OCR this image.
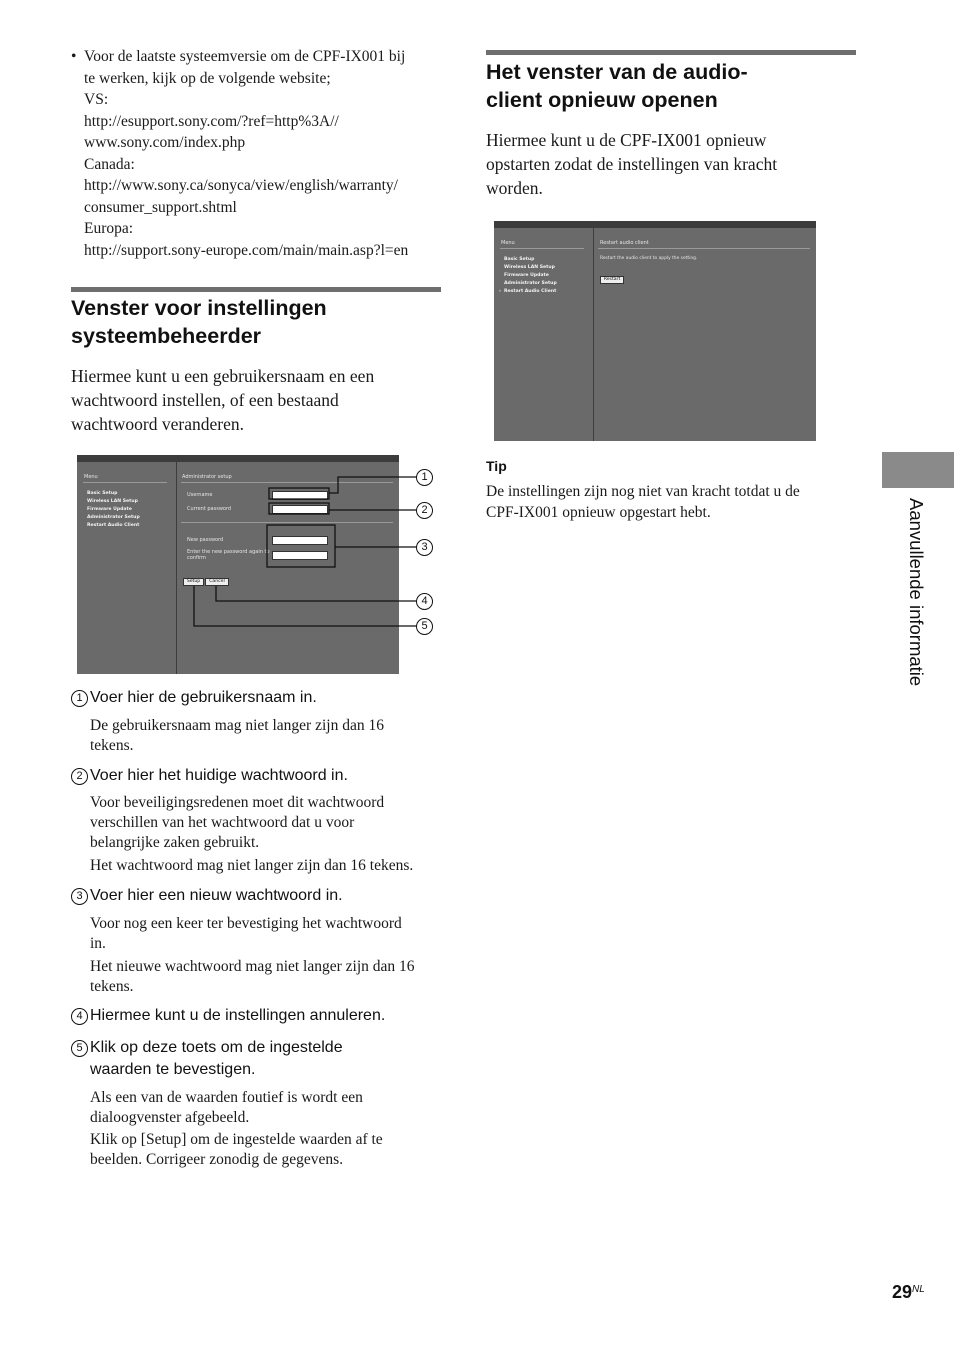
• Voor de laatste systeemversie om de CPF-IX001 bij
te werken, kijk op de volgende website;
VS:
http://esupport.sony.com/?ref=http%3A//
www.sony.com/index.php
Canada:
http://www.sony.ca/sonyca/view/english/warranty/
consumer_support.shtml
Europa:
http://support.sony-europe.com/main/main.asp?l=en
Venster voor instellingen
systeembeheerder
Hiermee kunt u een gebruikersnaam en een
wachtwoord instellen, of een bestaand
wachtwoord veranderen.
Menu
Basic Setup
Wireless LAN Setup
Firmware Update
Administrator Setup
Restart Audio Client
Administrator setup
Username
Current password
New password
Enter the new password again to
confirm
Setup	Cancel
1
2
3
4
5
1 Voer hier de gebruikersnaam in.
De gebruikersnaam mag niet langer zijn dan 16
tekens.
2 Voer hier het huidige wachtwoord in.
Voor beveiligingsredenen moet dit wachtwoord
verschillen van het wachtwoord dat u voor
belangrijke zaken gebruikt.
Het wachtwoord mag niet langer zijn dan 16 tekens.
3 Voer hier een nieuw wachtwoord in.
Voor nog een keer ter bevestiging het wachtwoord
in.
Het nieuwe wachtwoord mag niet langer zijn dan 16
tekens.
4 Hiermee kunt u de instellingen annuleren.
5 Klik op deze toets om de ingestelde
waarden te bevestigen.
Als een van de waarden foutief is wordt een
dialoogvenster afgebeeld.
Klik op [Setup] om de ingestelde waarden af te
beelden. Corrigeer zonodig de gegevens.
Het venster van de audio-
client opnieuw openen
Hiermee kunt u de CPF-IX001 opnieuw
opstarten zodat de instellingen van kracht
worden.
Menu
Basic Setup
Wireless LAN Setup
Firmware Update
Administrator Setup
› Restart Audio Client
Restart audio client
Restart the audio client to apply the setting.
Restart
Tip
De instellingen zijn nog niet van kracht totdat u de
CPF-IX001 opnieuw opgestart hebt.	Aanvullende informatie
$29^{NL}$
